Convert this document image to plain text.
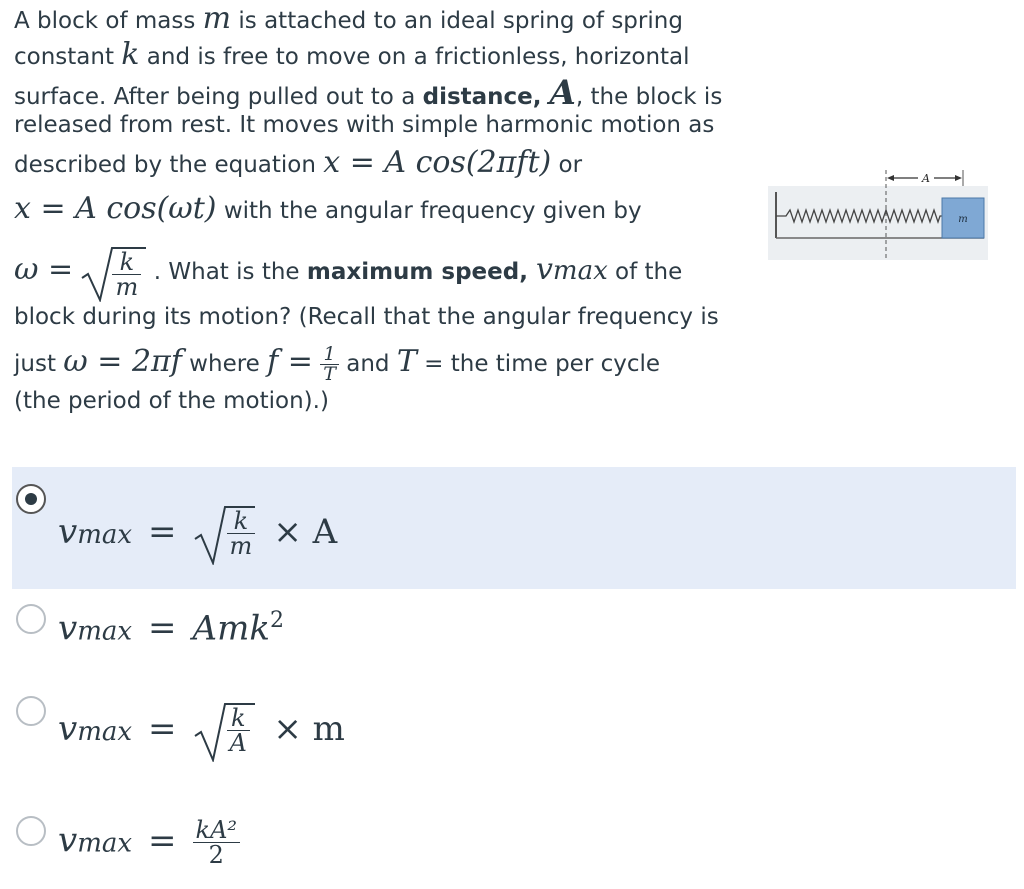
A block of mass m is attached to an ideal spring of spring
constant k and is free to move on a frictionless, horizontal
surface. After being pulled out to a distance, A, the block is
released from rest. It moves with simple harmonic motion as
described by the equation x = A cos(2πft) or
x = A cos(ωt) with the angular frequency given by
$\omega = \frac{k}{m}$ . What is the maximum speed, vmax of the
block during its motion? (Recall that the angular frequency is
just ω = 2πf where $f = \frac{1}{T}$ and T = the time per cycle
(the period of the motion).)
m
A
$vmax = \frac{k}{m} \times A$
vmax = Amk$^2$
$vmax = \frac{k}{A} \times m$
$vmax = \frac{\text{kA²}}{2}$
